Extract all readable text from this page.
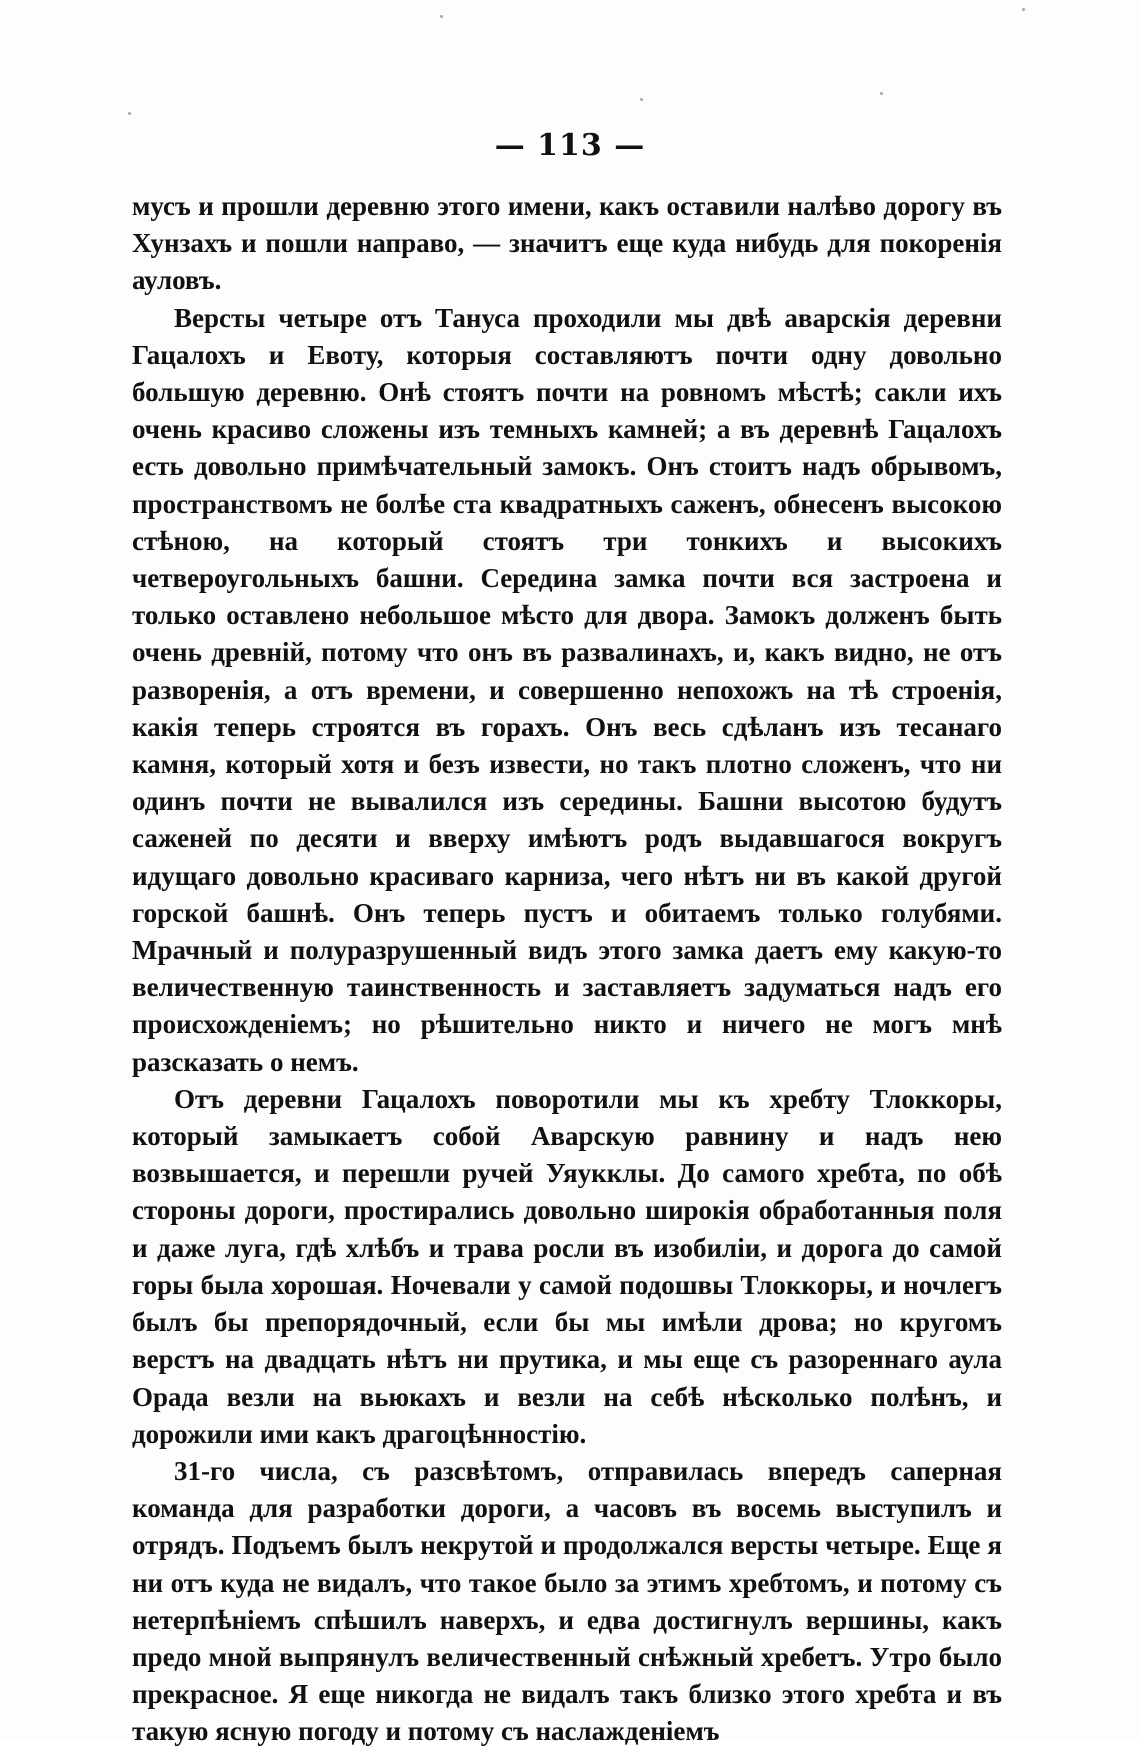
— 113 —

мусъ и прошли деревню этого имени, какъ оставили налѣво дорогу въ Хунзахъ и пошли направо, — значитъ еще куда нибудь для покоренія ауловъ.

Версты четыре отъ Тануса проходили мы двѣ аварскія деревни Гацалохъ и Евоту, которыя составляютъ почти одну довольно большую деревню. Онѣ стоятъ почти на ровномъ мѣстѣ; сакли ихъ очень красиво сложены изъ темныхъ камней; а въ деревнѣ Гацалохъ есть довольно примѣчательный замокъ. Онъ стоитъ надъ обрывомъ, пространствомъ не болѣе ста квадратныхъ саженъ, обнесенъ высокою стѣною, на который стоятъ три тонкихъ и высокихъ четвероугольныхъ башни. Середина замка почти вся застроена и только оставлено небольшое мѣсто для двора. Замокъ долженъ быть очень древній, потому что онъ въ развалинахъ, и, какъ видно, не отъ разворенія, а отъ времени, и совершенно непохожъ на тѣ строенія, какія теперь строятся въ горахъ. Онъ весь сдѣланъ изъ тесанаго камня, который хотя и безъ извести, но такъ плотно сложенъ, что ни одинъ почти не вывалился изъ середины. Башни высотою будутъ саженей по десяти и вверху имѣютъ родъ выдавшагося вокругъ идущаго довольно красиваго карниза, чего нѣтъ ни въ какой другой горской башнѣ. Онъ теперь пустъ и обитаемъ только голубями. Мрачный и полуразрушенный видъ этого замка даетъ ему какую-то величественную таинственность и заставляетъ задуматься надъ его происхожденіемъ; но рѣшительно никто и ничего не могъ мнѣ разсказать о немъ.

Отъ деревни Гацалохъ поворотили мы къ хребту Тлоккоры, который замыкаетъ собой Аварскую равнину и надъ нею возвышается, и перешли ручей Уяукклы. До самого хребта, по обѣ стороны дороги, простирались довольно широкія обработанныя поля и даже луга, гдѣ хлѣбъ и трава росли въ изобиліи, и дорога до самой горы была хорошая. Ночевали у самой подошвы Тлоккоры, и ночлегъ былъ бы препорядочный, если бы мы имѣли дрова; но кругомъ верстъ на двадцать нѣтъ ни прутика, и мы еще съ разореннаго аула Орада везли на вьюкахъ и везли на себѣ нѣсколько полѣнъ, и дорожили ими какъ драгоцѣнностію.

31-го числа, съ разсвѣтомъ, отправилась впередъ саперная команда для разработки дороги, а часовъ въ восемь выступилъ и отрядъ. Подъемъ былъ некрутой и продолжался версты четыре. Еще я ни отъ куда не видалъ, что такое было за этимъ хребтомъ, и потому съ нетерпѣніемъ спѣшилъ наверхъ, и едва достигнулъ вершины, какъ предо мной выпрянулъ величественный снѣжный хребетъ. Утро было прекрасное. Я еще никогда не видалъ такъ близко этого хребта и въ такую ясную погоду и потому съ наслажденіемъ
